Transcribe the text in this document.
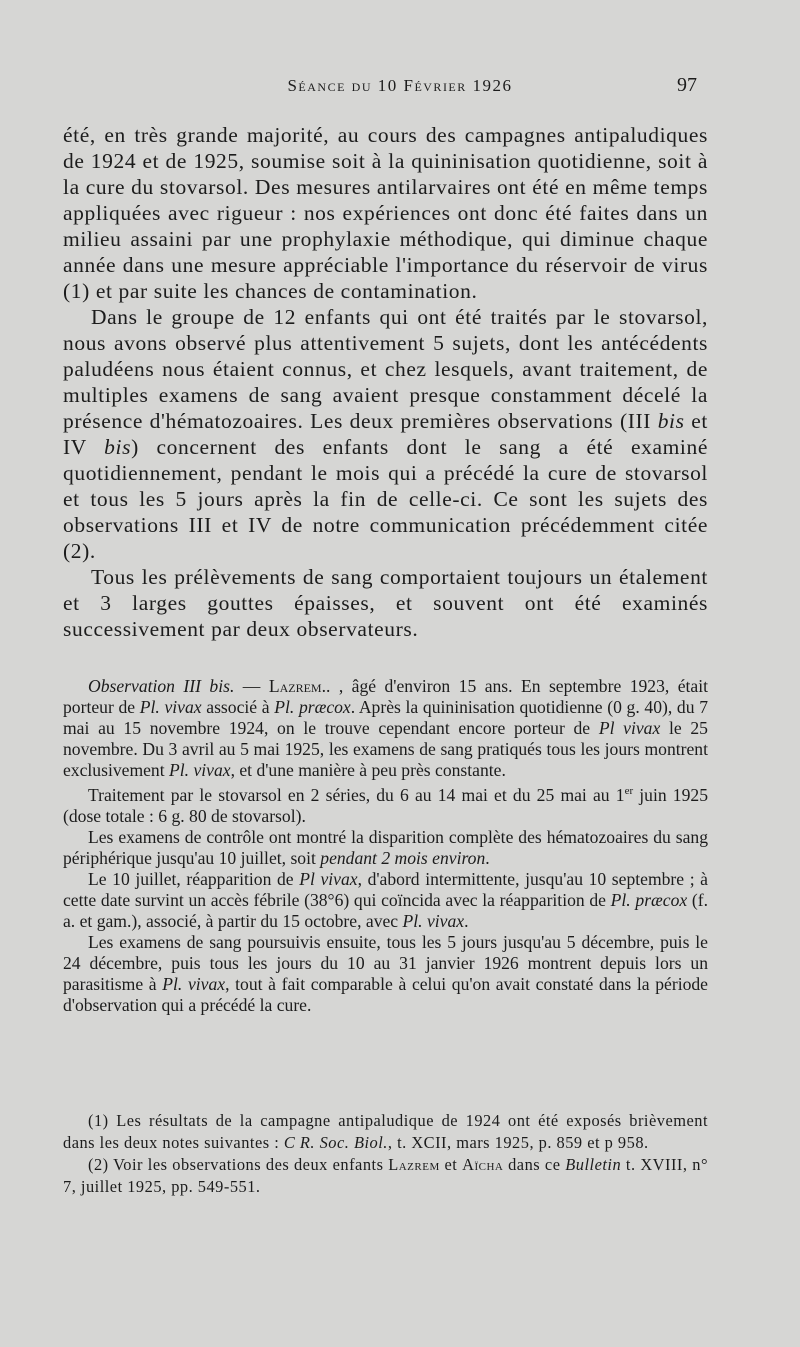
Séance du 10 Février 1926	97

été, en très grande majorité, au cours des campagnes antipaludiques de 1924 et de 1925, soumise soit à la quininisation quotidienne, soit à la cure du stovarsol. Des mesures antilarvaires ont été en même temps appliquées avec rigueur : nos expériences ont donc été faites dans un milieu assaini par une prophylaxie méthodique, qui diminue chaque année dans une mesure appréciable l'importance du réservoir de virus (1) et par suite les chances de contamination.

Dans le groupe de 12 enfants qui ont été traités par le stovarsol, nous avons observé plus attentivement 5 sujets, dont les antécédents paludéens nous étaient connus, et chez lesquels, avant traitement, de multiples examens de sang avaient presque constamment décelé la présence d'hématozoaires. Les deux premières observations (III bis et IV bis) concernent des enfants dont le sang a été examiné quotidiennement, pendant le mois qui a précédé la cure de stovarsol et tous les 5 jours après la fin de celle-ci. Ce sont les sujets des observations III et IV de notre communication précédemment citée (2).

Tous les prélèvements de sang comportaient toujours un étalement et 3 larges gouttes épaisses, et souvent ont été examinés successivement par deux observateurs.

Observation III bis. — Lazrem.. , âgé d'environ 15 ans. En septembre 1923, était porteur de Pl. vivax associé à Pl. præcox. Après la quininisation quotidienne (0 g. 40), du 7 mai au 15 novembre 1924, on le trouve cependant encore porteur de Pl vivax le 25 novembre. Du 3 avril au 5 mai 1925, les examens de sang pratiqués tous les jours montrent exclusivement Pl. vivax, et d'une manière à peu près constante.

Traitement par le stovarsol en 2 séries, du 6 au 14 mai et du 25 mai au 1er juin 1925 (dose totale : 6 g. 80 de stovarsol).

Les examens de contrôle ont montré la disparition complète des hématozoaires du sang périphérique jusqu'au 10 juillet, soit pendant 2 mois environ.

Le 10 juillet, réapparition de Pl vivax, d'abord intermittente, jusqu'au 10 septembre ; à cette date survint un accès fébrile (38°6) qui coïncida avec la réapparition de Pl. præcox (f. a. et gam.), associé, à partir du 15 octobre, avec Pl. vivax.

Les examens de sang poursuivis ensuite, tous les 5 jours jusqu'au 5 décembre, puis le 24 décembre, puis tous les jours du 10 au 31 janvier 1926 montrent depuis lors un parasitisme à Pl. vivax, tout à fait comparable à celui qu'on avait constaté dans la période d'observation qui a précédé la cure.

(1) Les résultats de la campagne antipaludique de 1924 ont été exposés brièvement dans les deux notes suivantes : C R. Soc. Biol., t. XCII, mars 1925, p. 859 et p 958.

(2) Voir les observations des deux enfants Lazrem et Aïcha dans ce Bulletin t. XVIII, n° 7, juillet 1925, pp. 549-551.
